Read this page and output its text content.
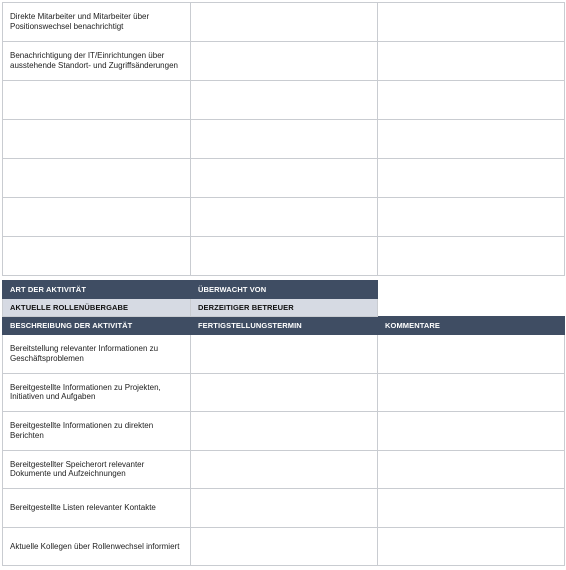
Direkte Mitarbeiter und Mitarbeiter über Positionswechsel benachrichtigt		
Benachrichtigung der IT/Einrichtungen über ausstehende Standort- und Zugriffsänderungen		

ART DER AKTIVITÄT	ÜBERWACHT VON	
AKTUELLE ROLLENÜBERGABE	DERZEITIGER BETREUER	
BESCHREIBUNG DER AKTIVITÄT	FERTIGSTELLUNGSTERMIN	KOMMENTARE
Bereitstellung relevanter Informationen zu Geschäftsproblemen		
Bereitgestellte Informationen zu Projekten, Initiativen und Aufgaben		
Bereitgestellte Informationen zu direkten Berichten		
Bereitgestellter Speicherort relevanter Dokumente und Aufzeichnungen		
Bereitgestellte Listen relevanter Kontakte		
Aktuelle Kollegen über Rollenwechsel informiert		
